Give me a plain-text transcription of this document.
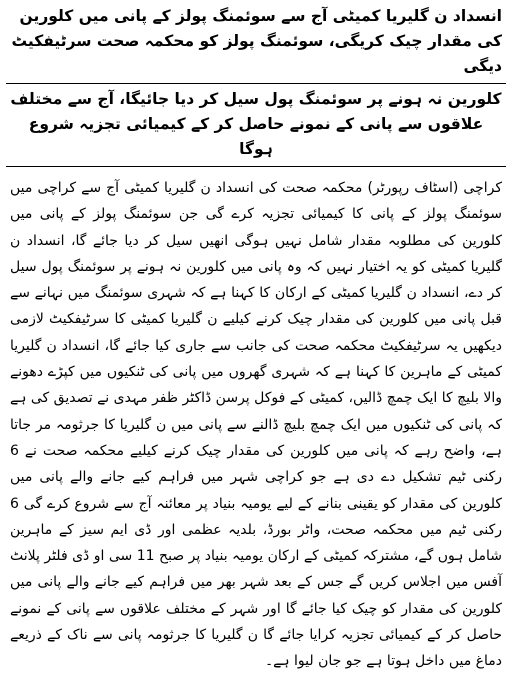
انسداد ن گلیریا کمیٹی آج سے سوئمنگ پولز کے پانی میں کلورین کی مقدار چیک کریگی، سوئمنگ پولز کو محکمہ صحت سرٹیفکیٹ دیگی
کلورین نہ ہونے پر سوئمنگ پول سیل کر دیا جائیگا، آج سے مختلف علاقوں سے پانی کے نمونے حاصل کر کے کیمیائی تجزیہ شروع ہوگا
کراچی (اسٹاف رپورٹر) محکمہ صحت کی انسداد ن گلیریا کمیٹی آج سے کراچی میں سوئمنگ پولز کے پانی کا کیمیائی تجزیہ کرے گی جن سوئمنگ پولز کے پانی میں کلورین کی مطلوبہ مقدار شامل نہیں ہوگی انھیں سیل کر دیا جائے گا، انسداد ن گلیریا کمیٹی کو یہ اختیار نہیں کہ وہ پانی میں کلورین نہ ہونے پر سوئمنگ پول سیل کر دے، انسداد ن گلیریا کمیٹی کے ارکان کا کہنا ہے کہ شہری سوئمنگ میں نہانے سے قبل پانی میں کلورین کی مقدار چیک کرنے کیلیے ن گلیریا کمیٹی کا سرٹیفکیٹ لازمی دیکھیں یہ سرٹیفکیٹ محکمہ صحت کی جانب سے جاری کیا جائے گا، انسداد ن گلیریا کمیٹی کے ماہرین کا کہنا ہے کہ شہری گھروں میں پانی کی ٹنکیوں میں کپڑے دھونے والا بلیچ کا ایک چمچ ڈالیں، کمیٹی کے فوکل پرسن ڈاکٹر ظفر مہدی نے تصدیق کی ہے کہ پانی کی ٹنکیوں میں ایک چمچ بلیچ ڈالنے سے پانی میں ن گلیریا کا جرثومہ مر جاتا ہے، واضح رہے کہ پانی میں کلورین کی مقدار چیک کرنے کیلیے محکمہ صحت نے 6 رکنی ٹیم تشکیل دے دی ہے جو کراچی شہر میں فراہم کیے جانے والے پانی میں کلورین کی مقدار کو یقینی بنانے کے لیے یومیہ بنیاد پر معائنہ آج سے شروع کرے گی 6 رکنی ٹیم میں محکمہ صحت، واٹر بورڈ، بلدیہ عظمی اور ڈی ایم سیز کے ماہرین شامل ہوں گے، مشترکہ کمیٹی کے ارکان یومیہ بنیاد پر صبح 11 سی او ڈی فلٹر پلانٹ آفس میں اجلاس کریں گے جس کے بعد شہر بھر میں فراہم کیے جانے والے پانی میں کلورین کی مقدار کو چیک کیا جائے گا اور شہر کے مختلف علاقوں سے پانی کے نمونے حاصل کر کے کیمیائی تجزیہ کرایا جائے گا ن گلیریا کا جرثومہ پانی سے ناک کے ذریعے دماغ میں داخل ہوتا ہے جو جان لیوا ہے۔
